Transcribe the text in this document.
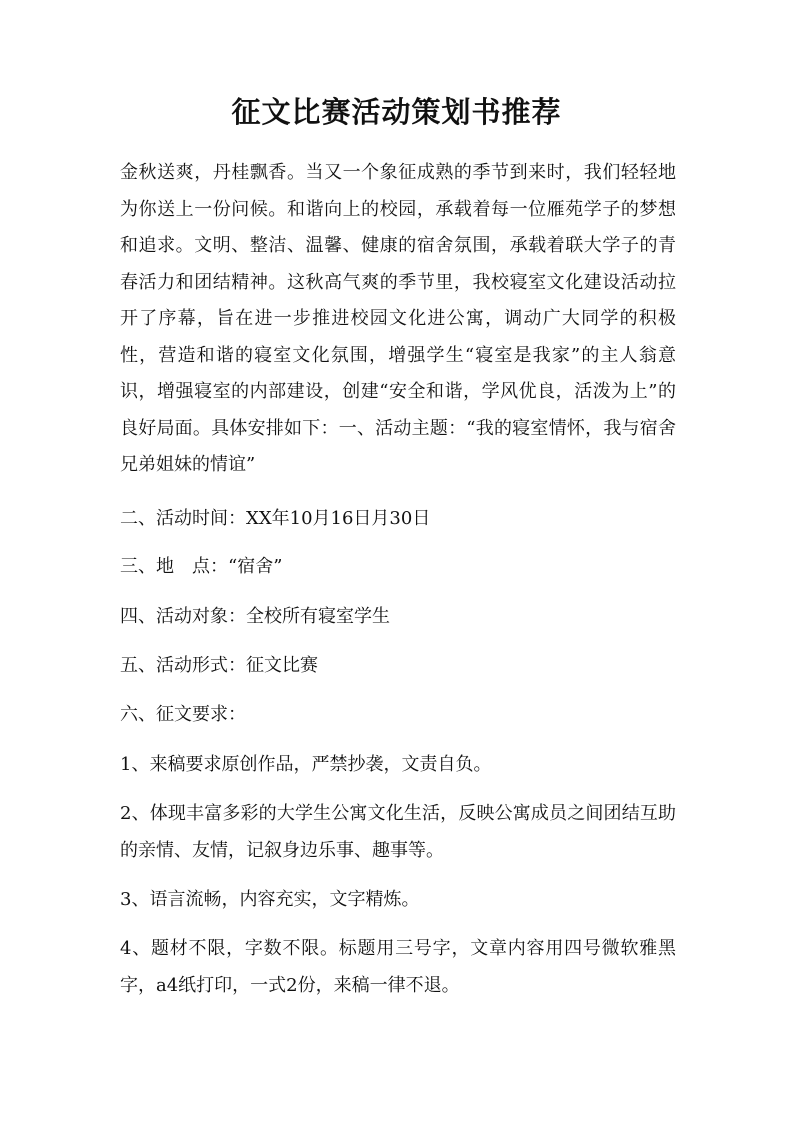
征文比赛活动策划书推荐

金秋送爽，丹桂飘香。当又一个象征成熟的季节到来时，我们轻轻地为你送上一份问候。和谐向上的校园，承载着每一位雁苑学子的梦想和追求。文明、整洁、温馨、健康的宿舍氛围，承载着联大学子的青春活力和团结精神。这秋高气爽的季节里，我校寝室文化建设活动拉开了序幕，旨在进一步推进校园文化进公寓，调动广大同学的积极性，营造和谐的寝室文化氛围，增强学生“寝室是我家”的主人翁意识，增强寝室的内部建设，创建“安全和谐，学风优良，活泼为上”的良好局面。具体安排如下：一、活动主题：“我的寝室情怀，我与宿舍兄弟姐妹的情谊”

二、活动时间：XX年10月16日月30日

三、地　点：“宿舍”

四、活动对象：全校所有寝室学生

五、活动形式：征文比赛

六、征文要求：

1、来稿要求原创作品，严禁抄袭，文责自负。

2、体现丰富多彩的大学生公寓文化生活，反映公寓成员之间团结互助的亲情、友情，记叙身边乐事、趣事等。

3、语言流畅，内容充实，文字精炼。

4、题材不限，字数不限。标题用三号字，文章内容用四号微软雅黑字，a4纸打印，一式2份，来稿一律不退。
